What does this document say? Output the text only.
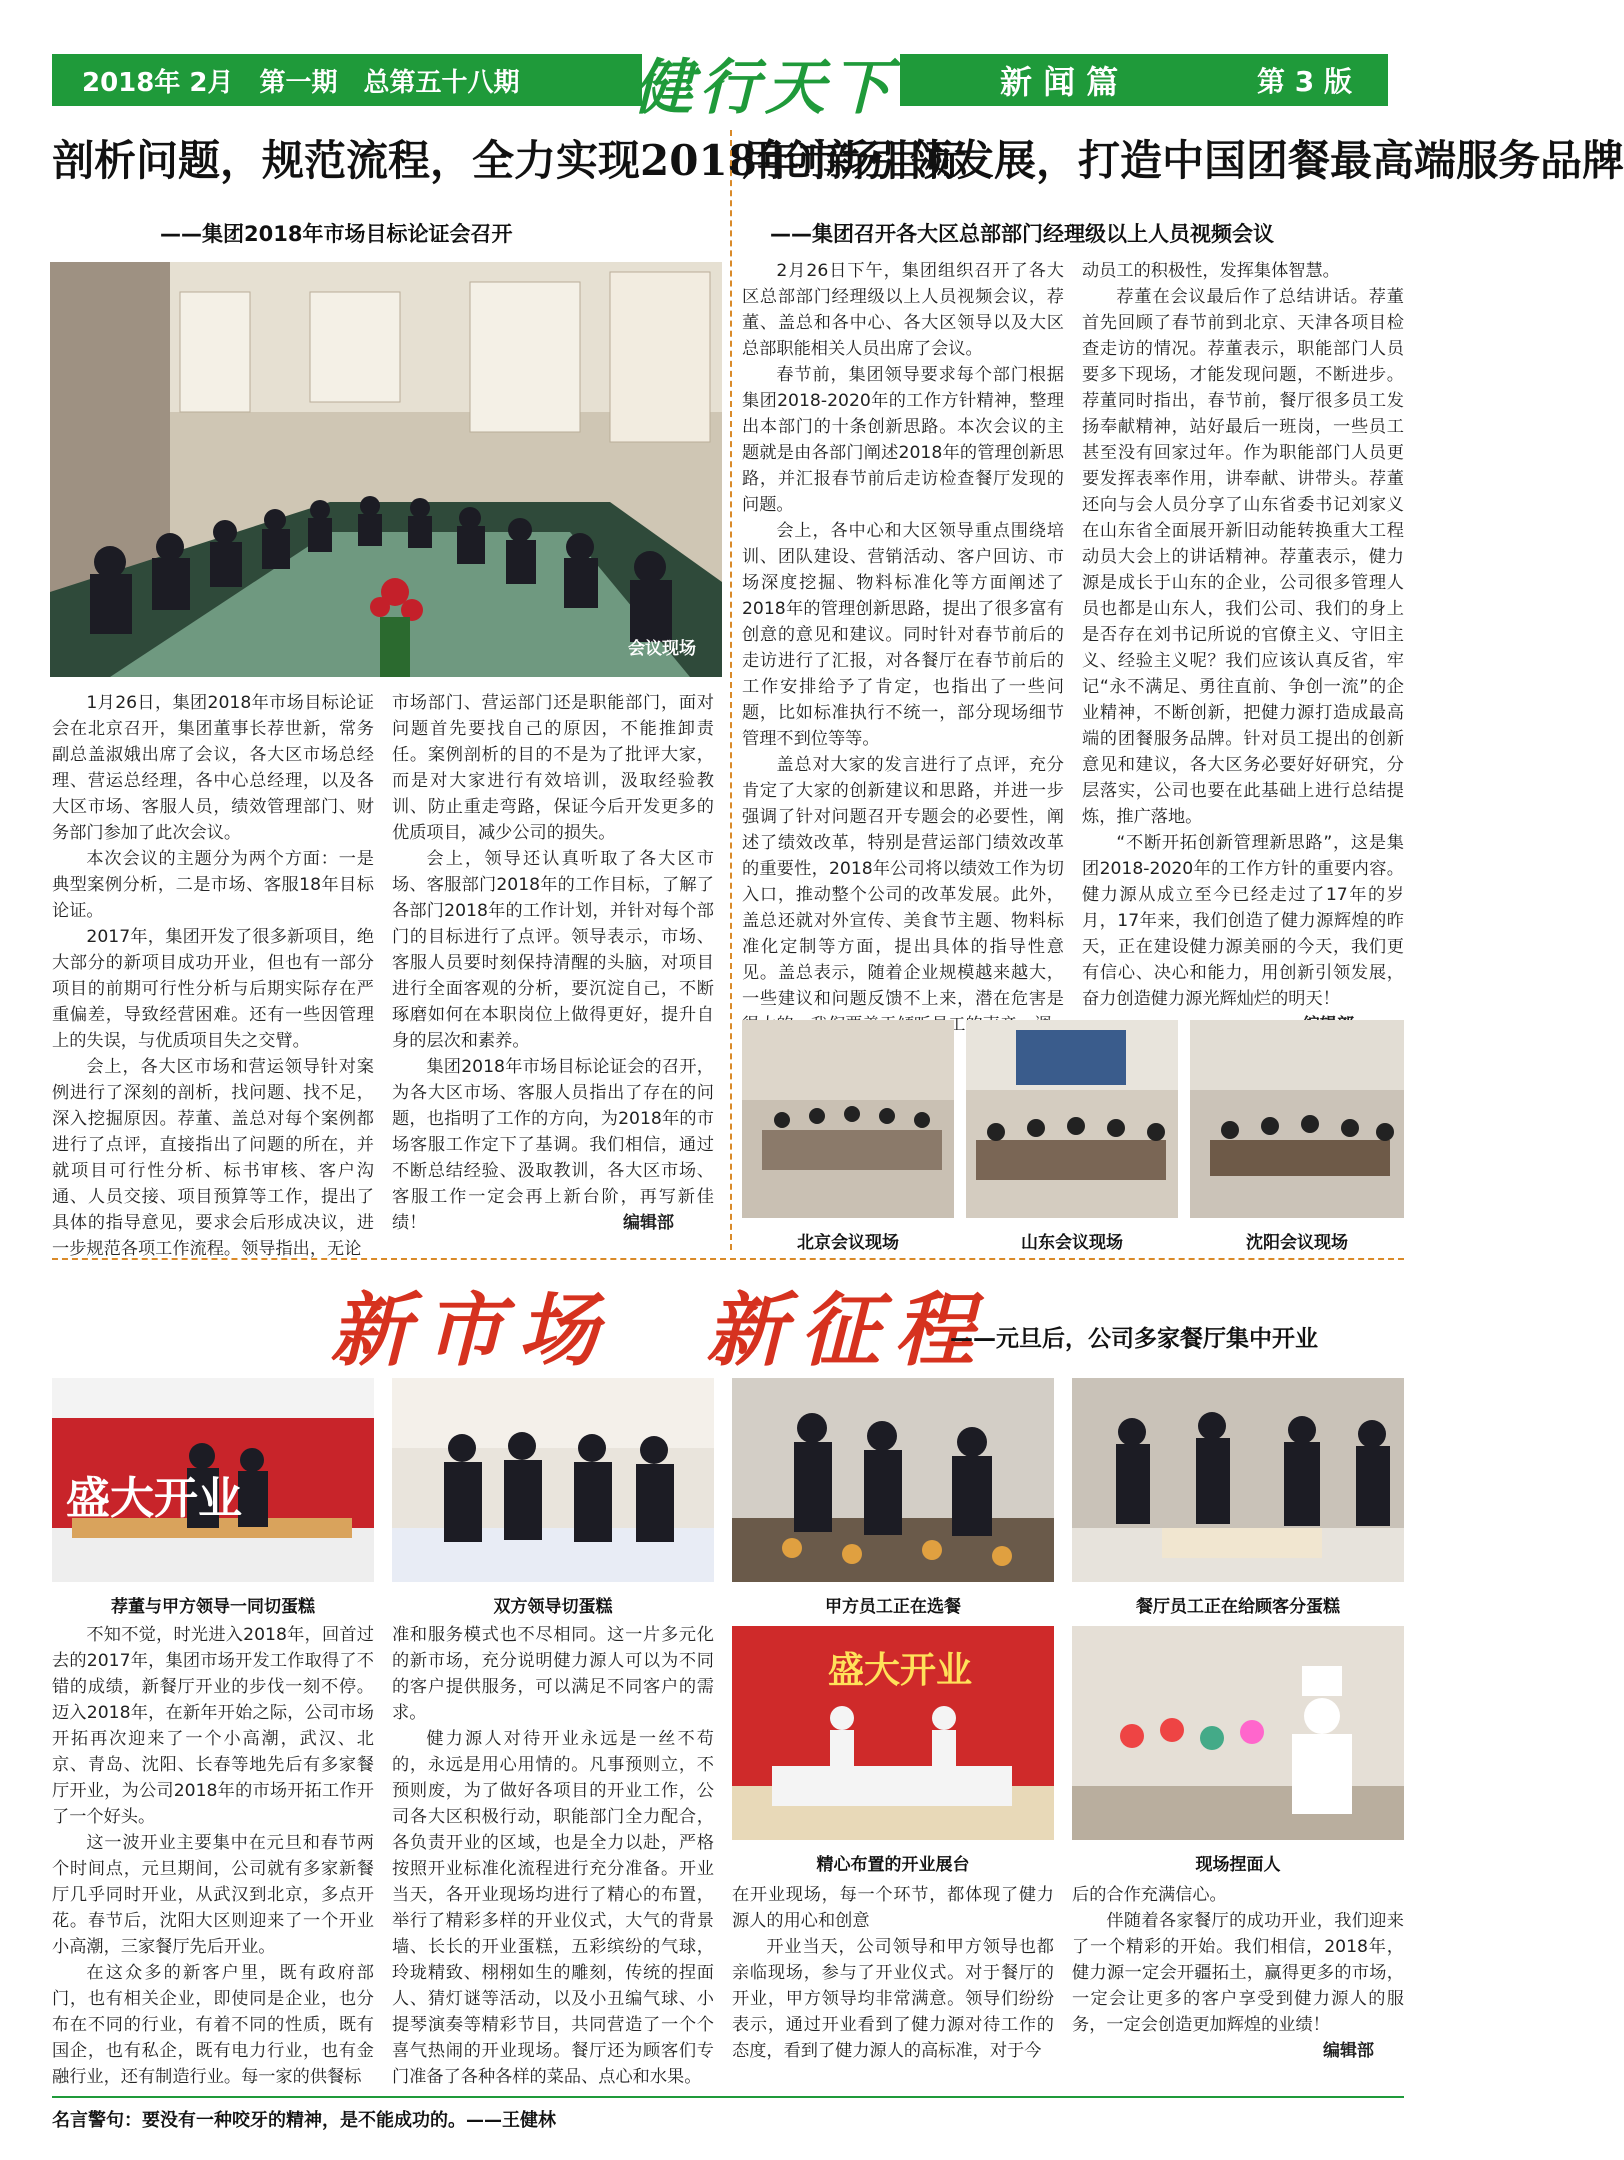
2018年 2月　第一期　总第五十八期 健行天下	新 闻 篇	第 3 版
剖析问题，规范流程，全力实现2018年市场目标
——集团2018年市场目标论证会召开
会议现场

1月26日，集团2018年市场目标论证会在北京召开，集团董事长荐世新，常务副总盖淑娥出席了会议，各大区市场总经理、营运总经理，各中心总经理，以及各大区市场、客服人员，绩效管理部门、财务部门参加了此次会议。

本次会议的主题分为两个方面：一是典型案例分析，二是市场、客服18年目标论证。

2017年，集团开发了很多新项目，绝大部分的新项目成功开业，但也有一部分项目的前期可行性分析与后期实际存在严重偏差，导致经营困难。还有一些因管理上的失误，与优质项目失之交臂。

会上，各大区市场和营运领导针对案例进行了深刻的剖析，找问题、找不足，深入挖掘原因。荐董、盖总对每个案例都进行了点评，直接指出了问题的所在，并就项目可行性分析、标书审核、客户沟通、人员交接、项目预算等工作，提出了具体的指导意见，要求会后形成决议，进一步规范各项工作流程。领导指出，无论

市场部门、营运部门还是职能部门，面对问题首先要找自己的原因，不能推卸责任。案例剖析的目的不是为了批评大家，而是对大家进行有效培训，汲取经验教训、防止重走弯路，保证今后开发更多的优质项目，减少公司的损失。

会上，领导还认真听取了各大区市场、客服部门2018年的工作目标，了解了各部门2018年的工作计划，并针对每个部门的目标进行了点评。领导表示，市场、客服人员要时刻保持清醒的头脑，对项目进行全面客观的分析，要沉淀自己，不断琢磨如何在本职岗位上做得更好，提升自身的层次和素养。

集团2018年市场目标论证会的召开，为各大区市场、客服人员指出了存在的问题，也指明了工作的方向，为2018年的市场客服工作定下了基调。我们相信，通过不断总结经验、汲取教训，各大区市场、客服工作一定会再上新台阶，再写新佳绩！	编辑部
用创新引领发展，打造中国团餐最高端服务品牌
——集团召开各大区总部部门经理级以上人员视频会议

2月26日下午，集团组织召开了各大区总部部门经理级以上人员视频会议，荐董、盖总和各中心、各大区领导以及大区总部职能相关人员出席了会议。

春节前，集团领导要求每个部门根据集团2018-2020年的工作方针精神，整理出本部门的十条创新思路。本次会议的主题就是由各部门阐述2018年的管理创新思路，并汇报春节前后走访检查餐厅发现的问题。

会上，各中心和大区领导重点围绕培训、团队建设、营销活动、客户回访、市场深度挖掘、物料标准化等方面阐述了2018年的管理创新思路，提出了很多富有创意的意见和建议。同时针对春节前后的走访进行了汇报，对各餐厅在春节前后的工作安排给予了肯定，也指出了一些问题，比如标准执行不统一，部分现场细节管理不到位等等。

盖总对大家的发言进行了点评，充分肯定了大家的创新建议和思路，并进一步强调了针对问题召开专题会的必要性，阐述了绩效改革，特别是营运部门绩效改革的重要性，2018年公司将以绩效工作为切入口，推动整个公司的改革发展。此外，盖总还就对外宣传、美食节主题、物料标准化定制等方面，提出具体的指导性意见。盖总表示，随着企业规模越来越大，一些建议和问题反馈不上来，潜在危害是 员工的

动员工的积极性，发挥集体智慧。

荐董在会议最后作了总结讲话。荐董首先回顾了春节前到北京、天津各项目检查走访的情况。荐董表示，职能部门人员要多下现场，才能发现问题，不断进步。荐董同时指出，春节前，餐厅很多员工发扬奉献精神，站好最后一班岗，一些员工甚至没有回家过年。作为职能部门人员更要发挥表率作用，讲奉献、讲带头。荐董还向与会人员分享了山东省委书记刘家义在山东省全面展开新旧动能转换重大工程动员大会上的讲话精神。荐董表示，健力源是成长于山东的企业，公司很多管理人员也都是山东人，我们公司、我们的身上是否存在刘书记所说的官僚主义、守旧主义、经验主义呢？我们应该认真反省，牢记“永不满足、勇往直前、争创一流”的企业精神，不断创新，把健力源打造成最高端的团餐服务品牌。针对员工提出的创新意见和建议，各大区务必要好好研究，分层落实，公司也要在此基础上进行总结提炼，推广落地。

“不断开拓创新管理新思路”，这是集团2018-2020年的工作方针的重要内容。健力源从成立至今已经走过了17年的岁月，17年来，我们创造了健力源辉煌的昨天，正在建设健力源美丽的今天，我们更有信心、决心和能力，用创新引领发展，奋力创造健力源光辉灿烂的明天！

北京会议现场	山东会议现场	沈阳会议现场
新市场　新征程
——元旦后，公司多家餐厅集中开业
盛大开业
荐董与甲方领导一同切蛋糕	双方领导切蛋糕	甲方员工正在选餐	餐厅员工正在给顾客分蛋糕
盛大开业
精心布置的开业展台	现场捏面人

不知不觉，时光进入2018年，回首过去的2017年，集团市场开发工作取得了不错的成绩，新餐厅开业的步伐一刻不停。迈入2018年，在新年开始之际，公司市场开拓再次迎来了一个小高潮，武汉、北京、青岛、沈阳、长春等地先后有多家餐厅开业，为公司2018年的市场开拓工作开了一个好头。

这一波开业主要集中在元旦和春节两个时间点，元旦期间，公司就有多家新餐厅几乎同时开业，从武汉到北京，多点开花。春节后，沈阳大区则迎来了一个开业小高潮，三家餐厅先后开业。

在这众多的新客户里，既有政府部门，也有相关企业，即使同是企业，也分布在不同的行业，有着不同的性质，既有国企，也有私企，既有电力行业，也有金融行业，还有制造行业。每一家的供餐标

准和服务模式也不尽相同。这一片多元化的新市场，充分说明健力源人可以为不同的客户提供服务，可以满足不同客户的需求。

健力源人对待开业永远是一丝不苟的，永远是用心用情的。凡事预则立，不预则废，为了做好各项目的开业工作，公司各大区积极行动，职能部门全力配合，各负责开业的区域，也是全力以赴，严格按照开业标准化流程进行充分准备。开业当天，各开业现场均进行了精心的布置，举行了精彩多样的开业仪式，大气的背景墙、长长的开业蛋糕，五彩缤纷的气球，玲珑精致、栩栩如生的雕刻，传统的捏面人、猜灯谜等活动，以及小丑编气球、小提琴演奏等精彩节目，共同营造了一个个喜气热闹的开业现场。餐厅还为顾客们专门准备了各种各样的菜品、点心和水果。

在开业现场，每一个环节，都体现了健力源人的用心和创意

开业当天，公司领导和甲方领导也都亲临现场，参与了开业仪式。对于餐厅的开业，甲方领导均非常满意。领导们纷纷表示，通过开业看到了健力源对待工作的态度，看到了健力源人的高标准，对于今

后的合作充满信心。

伴随着各家餐厅的成功开业，我们迎来了一个精彩的开始。我们相信，2018年，健力源一定会开疆拓土，赢得更多的市场，一定会让更多的客户享受到健力源人的服务，一定会创造更加辉煌的业绩！

编辑部
名言警句：要没有一种咬牙的精神，是不能成功的。——王健林
